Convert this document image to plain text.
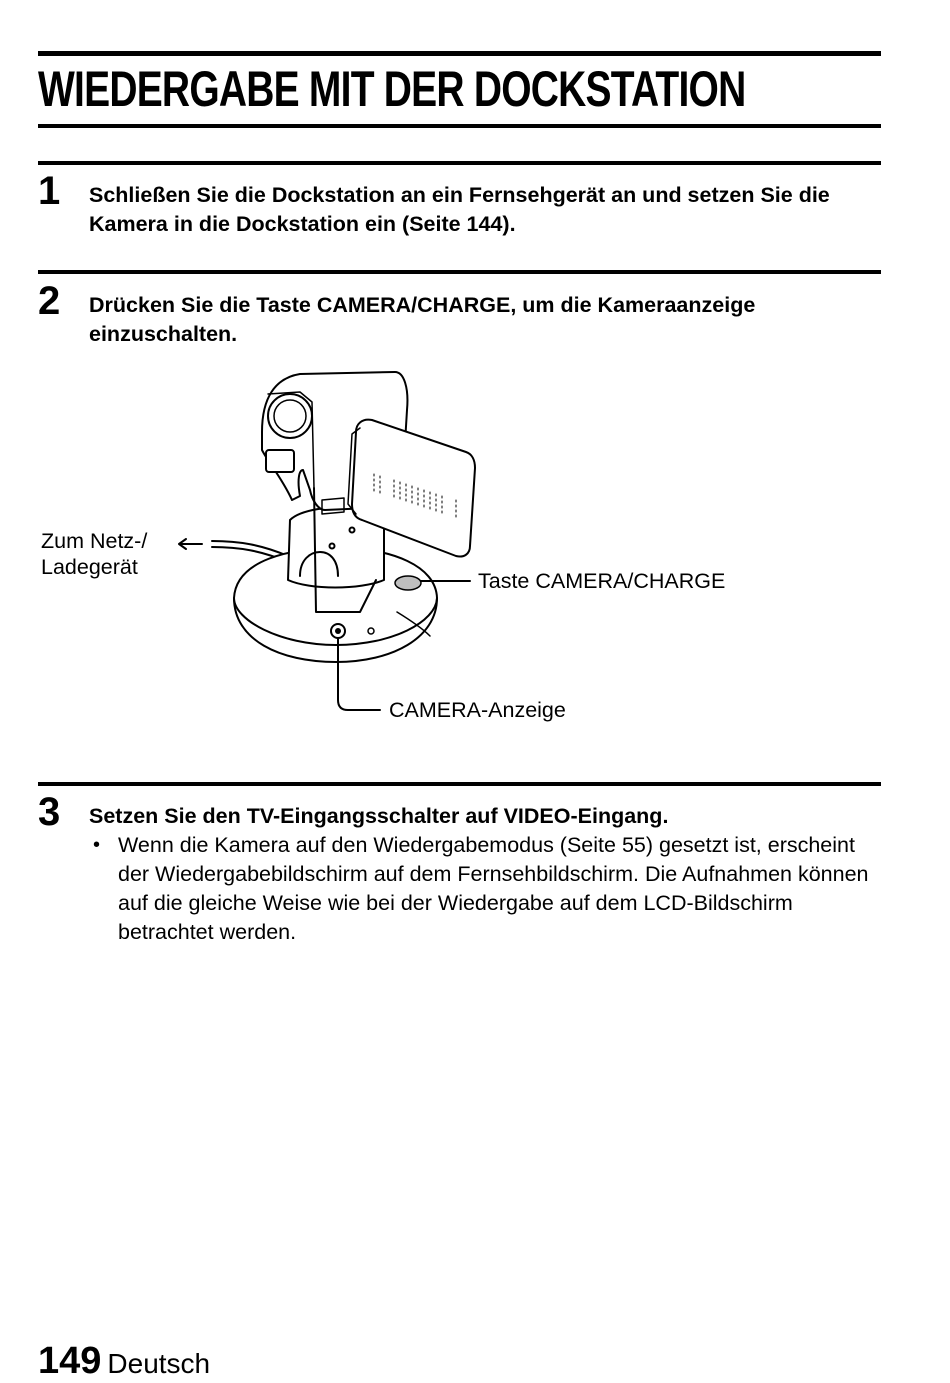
WIEDERGABE MIT DER DOCKSTATION
1 Schließen Sie die Dockstation an ein Fernsehgerät an und setzen Sie die Kamera in die Dockstation ein (Seite 144).

2 Drücken Sie die Taste CAMERA/CHARGE, um die Kameraanzeige einzuschalten.

Zum Netz-/
Ladegerät
Taste CAMERA/CHARGE
CAMERA-Anzeige
3 Setzen Sie den TV-Eingangsschalter auf VIDEO-Eingang.

• Wenn die Kamera auf den Wiedergabemodus (Seite 55) gesetzt ist, erscheint der Wiedergabebildschirm auf dem Fernsehbildschirm. Die Aufnahmen können auf die gleiche Weise wie bei der Wiedergabe auf dem LCD-Bildschirm betrachtet werden.

149 Deutsch
